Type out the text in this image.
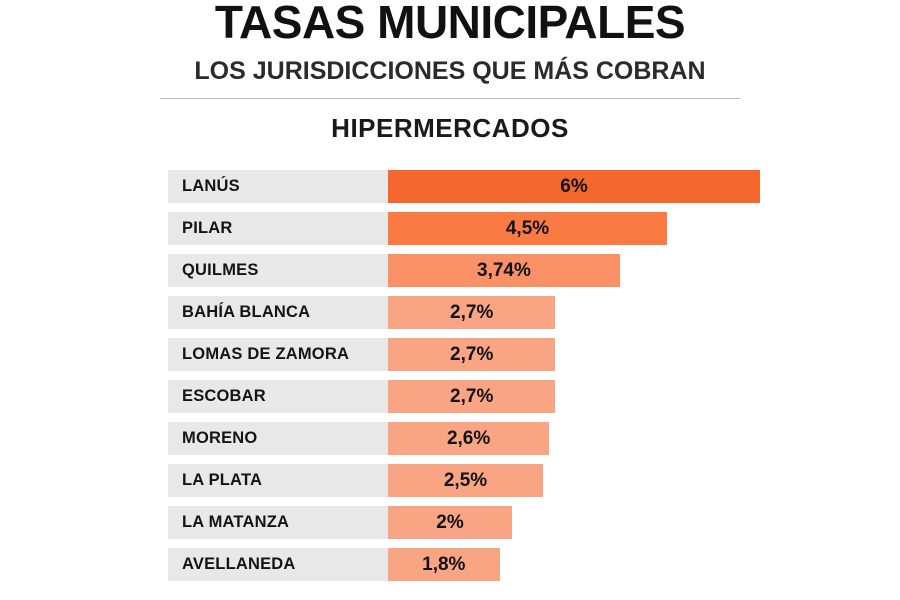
TASAS MUNICIPALES
LOS JURISDICCIONES QUE MÁS COBRAN
HIPERMERCADOS
LANÚS	6%
PILAR	4,5%
QUILMES	3,74%
BAHÍA BLANCA	2,7%
LOMAS DE ZAMORA	2,7%
ESCOBAR	2,7%
MORENO	2,6%
LA PLATA	2,5%
LA MATANZA	2%
AVELLANEDA	1,8%
